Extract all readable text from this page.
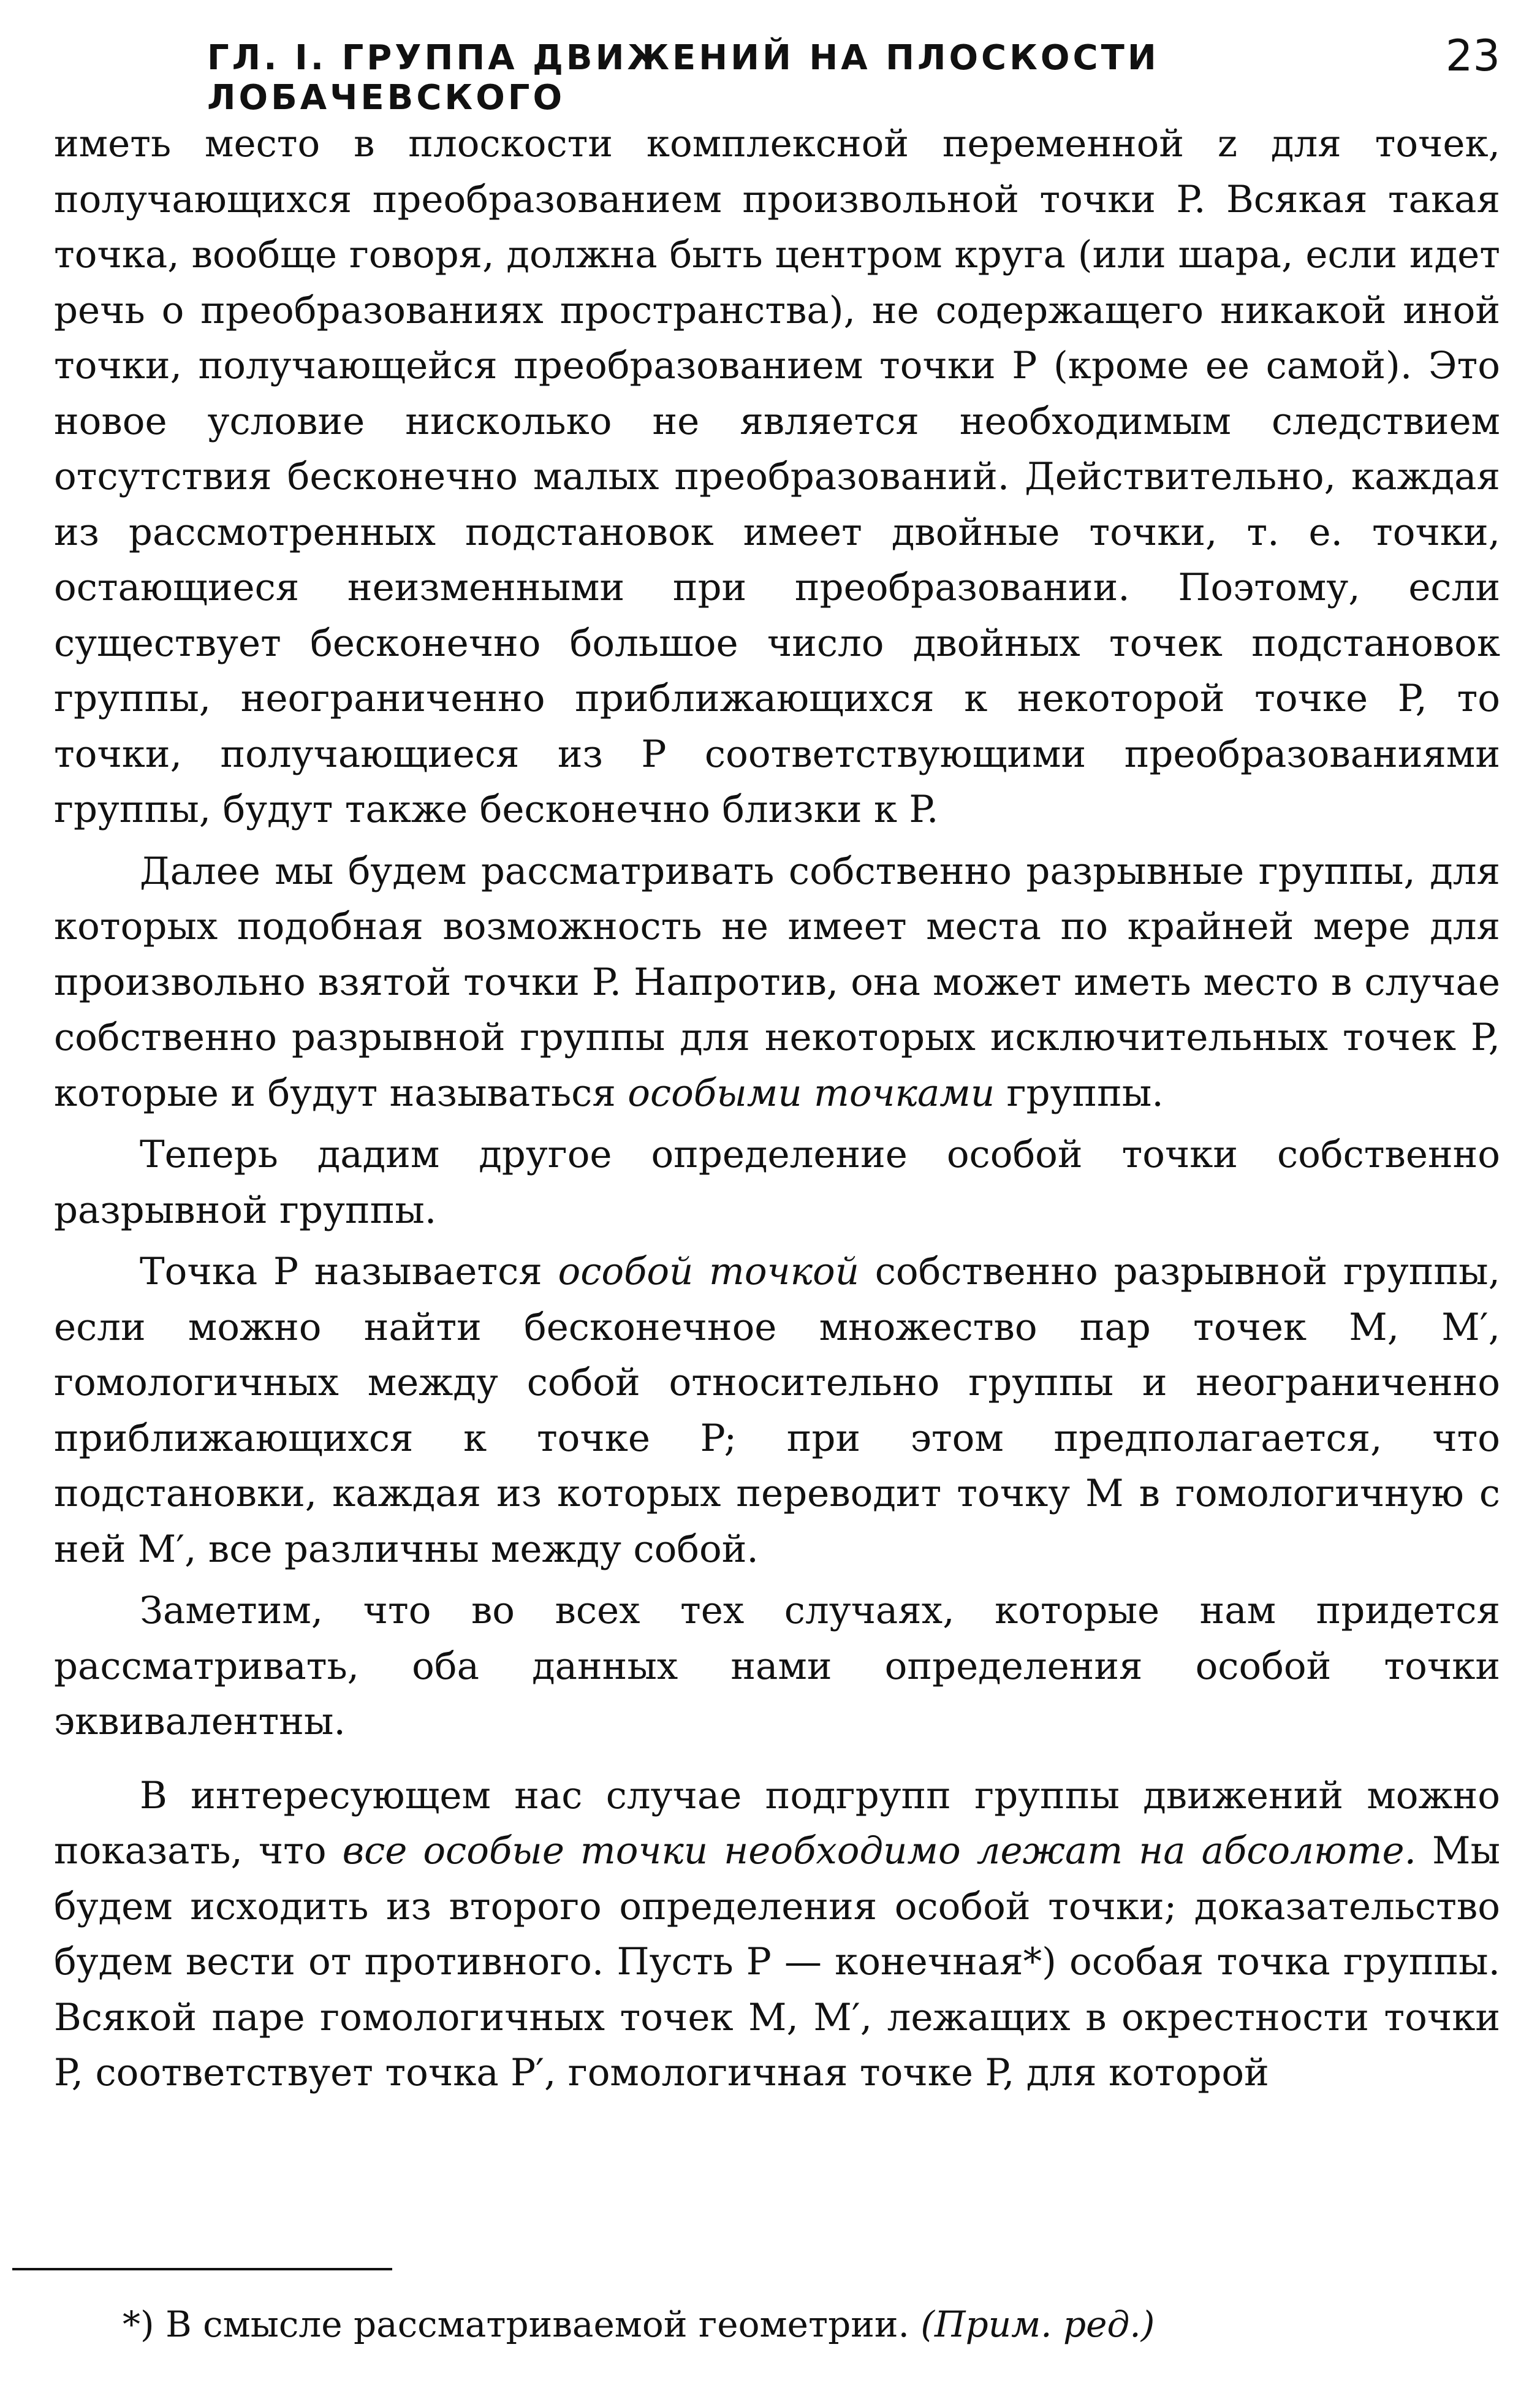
ГЛ. I. ГРУППА ДВИЖЕНИЙ НА ПЛОСКОСТИ ЛОБАЧЕВСКОГО
23

иметь место в плоскости комплексной переменной z для точек, получающихся преобразованием произвольной точки P. Всякая такая точка, вообще говоря, должна быть центром круга (или шара, если идет речь о преобразованиях пространства), не содержащего никакой иной точки, получающейся преобразованием точки P (кроме ее самой). Это новое условие нисколько не является необходимым следствием отсутствия бесконечно малых преобразований. Действительно, каждая из рассмотренных подстановок имеет двойные точки, т. е. точки, остающиеся неизменными при преобразовании. Поэтому, если существует бесконечно большое число двойных точек подстановок группы, неограниченно приближающихся к некоторой точке P, то точки, получающиеся из P соответствующими преобразованиями группы, будут также бесконечно близки к P.

Далее мы будем рассматривать собственно разрывные группы, для которых подобная возможность не имеет места по крайней мере для произвольно взятой точки P. Напротив, она может иметь место в случае собственно разрывной группы для некоторых исключительных точек P, которые и будут называться особыми точками группы.

Теперь дадим другое определение особой точки собственно разрывной группы.

Точка P называется особой точкой собственно разрывной группы, если можно найти бесконечное множество пар точек M, M′, гомологичных между собой относительно группы и неограниченно приближающихся к точке P; при этом предполагается, что подстановки, каждая из которых переводит точку M в гомологичную с ней M′, все различны между собой.

Заметим, что во всех тех случаях, которые нам придется рассматривать, оба данных нами определения особой точки эквивалентны.

В интересующем нас случае подгрупп группы движений можно показать, что все особые точки необходимо лежат на абсолюте. Мы будем исходить из второго определения особой точки; доказательство будем вести от противного. Пусть P — конечная*) особая точка группы. Всякой паре гомологичных точек M, M′, лежащих в окрестности точки P, соответствует точка P′, гомологичная точке P, для которой

*) В смысле рассматриваемой геометрии. (Прим. ред.)
